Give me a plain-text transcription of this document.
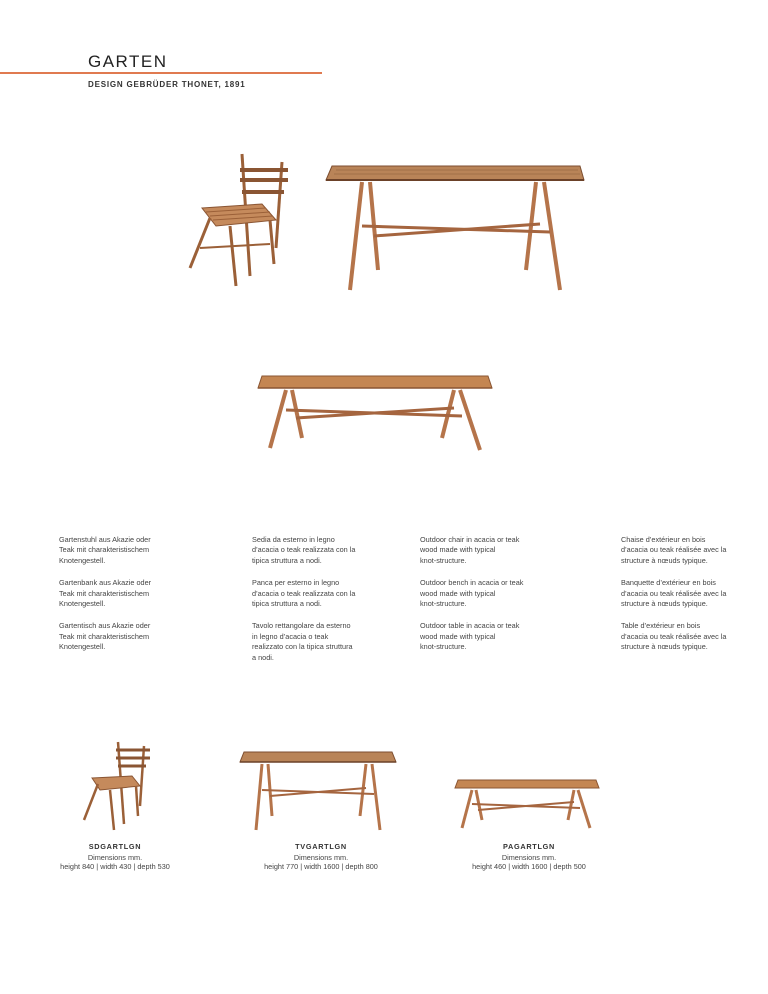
GARTEN
DESIGN GEBRÜDER THONET, 1891
Gartenstuhl aus Akazie oder
Teak mit charakteristischem
Knotengestell.
Sedia da esterno in legno
d’acacia o teak realizzata con la
tipica struttura a nodi.
Outdoor chair in acacia or teak
wood made with typical
knot-structure.
Chaise d’extérieur en bois
d’acacia ou teak réalisée avec la
structure à nœuds typique.
Gartenbank aus Akazie oder
Teak mit charakteristischem
Knotengestell.
Panca per esterno in legno
d’acacia o teak realizzata con la
tipica struttura a nodi.
Outdoor bench in acacia or teak
wood made with typical
knot-structure.
Banquette d’extérieur en bois
d’acacia ou teak réalisée avec la
structure à nœuds typique.
Gartentisch aus Akazie oder
Teak mit charakteristischem
Knotengestell.
Tavolo rettangolare da esterno
in legno d’acacia o teak
realizzato con la tipica struttura
a nodi.
Outdoor table in acacia or teak
wood made with typical
knot-structure.
Table d’extérieur en bois
d’acacia ou teak réalisée avec la
structure à nœuds typique.
SDGARTLGN
Dimensions mm.
height 840 | width 430 | depth 530
TVGARTLGN
Dimensions mm.
height 770 | width 1600 | depth 800
PAGARTLGN
Dimensions mm.
height 460 | width 1600 | depth 500
